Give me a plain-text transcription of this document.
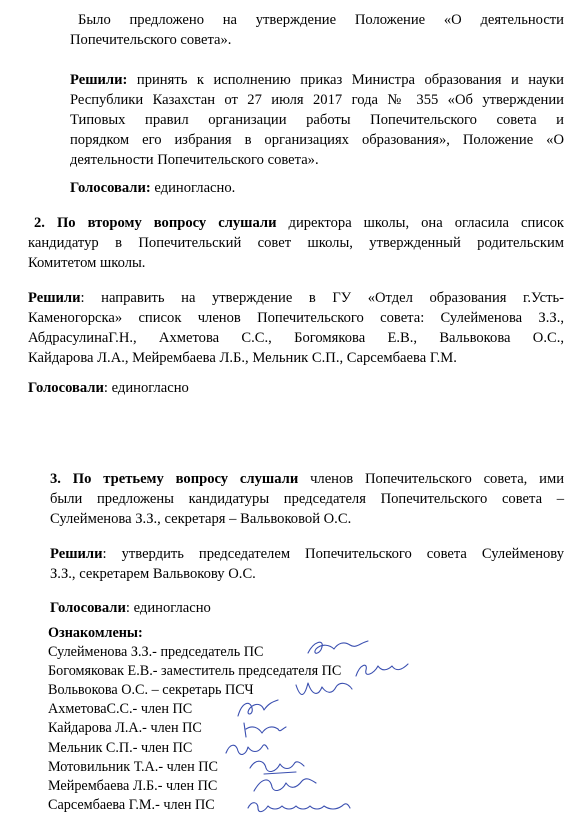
Было предложено на утверждение Положение «О деятельности
Попечительского совета».
Решили: принять к исполнению приказ Министра образования и науки
Республики Казахстан от 27 июля 2017 года № 355 «Об утверждении
Типовых правил организации работы Попечительского совета и
порядком его избрания в организациях образования», Положение «О
деятельности Попечительского совета».
Голосовали: единогласно.
2. По второму вопросу слушали директора школы, она огласила список
кандидатур в Попечительский совет школы, утвержденный родительским
Комитетом школы.
Решили: направить на утверждение в ГУ «Отдел образования г.Усть-
Каменогорска» список членов Попечительского совета: Сулейменова З.З.,
АбдрасулинаГ.Н., Ахметова С.С., Богомякова Е.В., Вальвокова О.С.,
Кайдарова Л.А., Мейрембаева Л.Б., Мельник С.П., Сарсембаева Г.М.
Голосовали: единогласно
3. По третьему вопросу слушали членов Попечительского совета, ими
были предложены кандидатуры председателя Попечительского совета –
Сулейменова З.З., секретаря – Вальвоковой О.С.
Решили: утвердить председателем Попечительского совета Сулейменову
З.З., секретарем Вальвокову О.С.
Голосовали: единогласно
Ознакомлены:
Сулейменова З.З.- председатель ПС
Богомяковак Е.В.- заместитель председателя ПС
Вольвокова О.С. – секретарь ПСЧ
АхметоваС.С.- член ПС
Кайдарова Л.А.- член ПС
Мельник С.П.- член ПС
Мотовильник Т.А.- член ПС
Мейрембаева Л.Б.- член ПС
Сарсембаева Г.М.- член ПС
